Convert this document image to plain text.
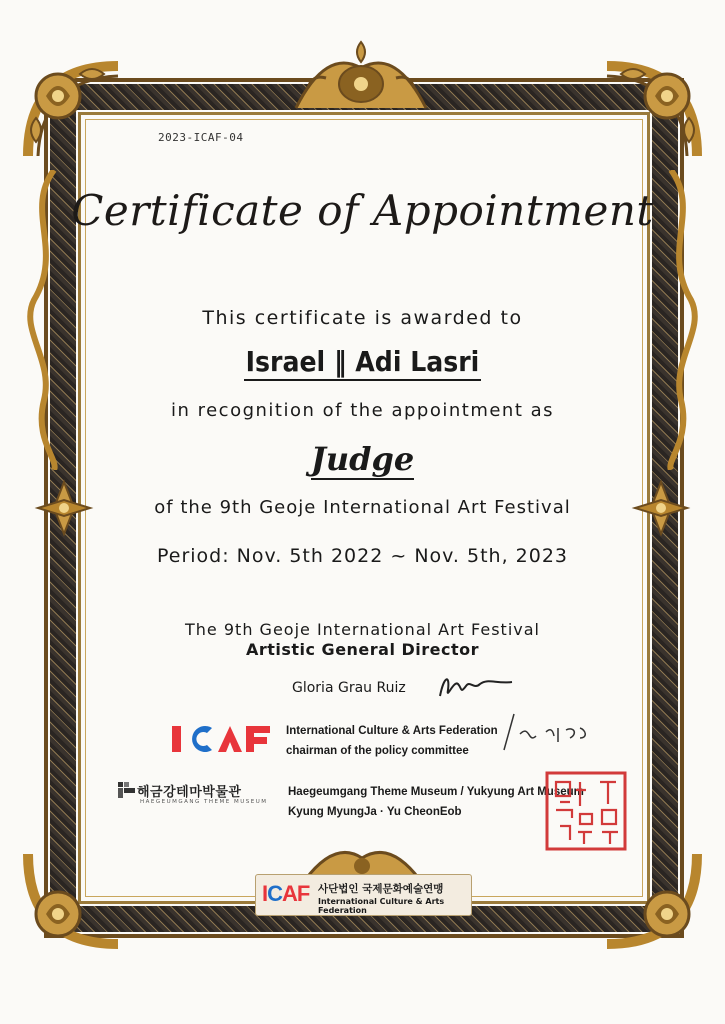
2023-ICAF-04
Certificate of Appointment
This certificate is awarded to
Israel ‖ Adi Lasri
in recognition of the appointment as
Judge
of the 9th Geoje International Art Festival
Period: Nov. 5th 2022 ~ Nov. 5th, 2023
The 9th Geoje International Art Festival
Artistic General Director
Gloria Grau Ruiz
International Culture & Arts Federation
chairman of the policy committee
해금강테마박물관
HAEGEUMGANG THEME MUSEUM
Haegeumgang Theme Museum / Yukyung Art Museum
Kyung MyungJa · Yu CheonEob
ICAF 사단법인 국제문화예술연맹
International Culture & Arts Federation
